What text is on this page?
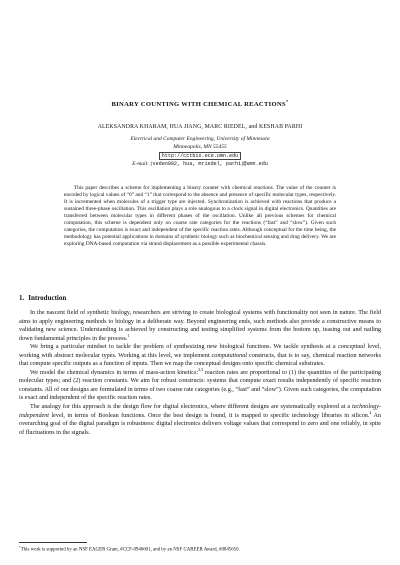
BINARY COUNTING WITH CHEMICAL REACTIONS*
ALEKSANDRA KHARAM, HUA JIANG, MARC RIEDEL, and KESHAB PARHI
Electrical and Computer Engineering, University of Minnesota
Minneapolis, MN 55455
http://cctbio.ece.umn.edu
E-mail: {veden002, hua, mriedel, parhi}@umn.edu
This paper describes a scheme for implementing a binary counter with chemical reactions. The value of the counter is encoded by logical values of “0” and “1” that correspond to the absence and presence of specific molecular types, respectively. It is incremented when molecules of a trigger type are injected. Synchronization is achieved with reactions that produce a sustained three-phase oscillation. This oscillation plays a role analogous to a clock signal in digital electronics. Quantities are transferred between molecular types in different phases of the oscillation. Unlike all previous schemes for chemical computation, this scheme is dependent only on coarse rate categories for the reactions (“fast” and “slow”). Given such categories, the computation is exact and independent of the specific reaction rates. Although conceptual for the time being, the methodology has potential applications in domains of synthetic biology such as biochemical sensing and drug delivery. We are exploring DNA-based computation via strand displacement as a possible experimental chassis.
1. Introduction

In the nascent field of synthetic biology, researchers are striving to create biological systems with functionality not seen in nature. The field aims to apply engineering methods to biology in a deliberate way. Beyond engineering ends, such methods also provide a constructive means to validating new science. Understanding is achieved by constructing and testing simplified systems from the bottom up, teasing out and nailing down fundamental principles in the process.$^1$

We bring a particular mindset to tackle the problem of synthesizing new biological functions. We tackle synthesis at a conceptual level, working with abstract molecular types. Working at this level, we implement computational constructs, that is to say, chemical reaction networks that compute specific outputs as a function of inputs. Then we map the conceptual designs onto specific chemical substrates.

We model the chemical dynamics in terms of mass-action kinetics:$^{2,3}$ reaction rates are proportional to (1) the quantities of the participating molecular types; and (2) reaction constants. We aim for robust constructs: systems that compute exact results independently of specific reaction constants. All of our designs are formulated in terms of two coarse rate categories (e.g., “fast” and “slow”). Given such categories, the computation is exact and independent of the specific reaction rates.

The analogy for this approach is the design flow for digital electronics, where different designs are systematically explored at a technology-independent level, in terms of Boolean functions. Once the best design is found, it is mapped to specific technology libraries in silicon.$^4$ An overarching goal of the digital paradigm is robustness: digital electronics delivers voltage values that correspond to zero and one reliably, in spite of fluctuations in the signals.

*This work is supported by an NSF EAGER Grant, #CCF-0946601, and by an NSF CAREER Award, #0845650.
